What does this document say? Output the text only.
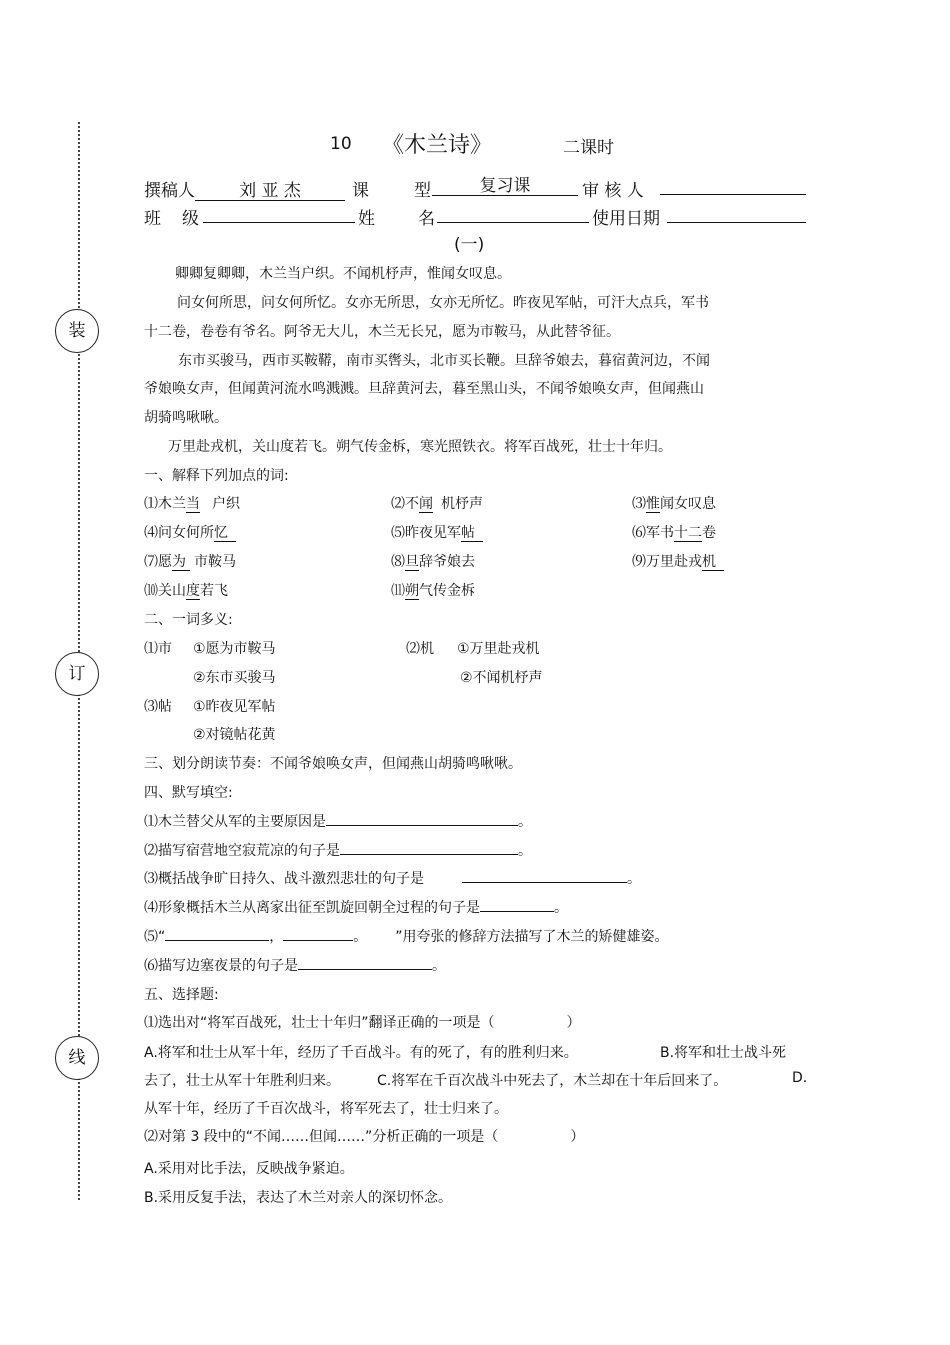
装
订
线
10 《木兰诗》	二课时
撰稿人	刘 亚 杰	课	型	复习课	审 核 人
班 级	姓	名	使用日期
(一)
卿卿复卿卿，木兰当户织。不闻机杼声，惟闻女叹息。
问女何所思，问女何所忆。女亦无所思，女亦无所忆。昨夜见军帖，可汗大点兵，军书
十二卷，卷卷有爷名。阿爷无大儿，木兰无长兄，愿为市鞍马，从此替爷征。
东市买骏马，西市买鞍鞯，南市买辔头，北市买长鞭。旦辞爷娘去，暮宿黄河边，不闻
爷娘唤女声，但闻黄河流水鸣溅溅。旦辞黄河去，暮至黑山头，不闻爷娘唤女声，但闻燕山
胡骑鸣啾啾。
万里赴戎机，关山度若飞。朔气传金柝，寒光照铁衣。将军百战死，壮士十年归。
一、解释下列加点的词:
⑴木兰当 户织	⑵不闻 机杼声	⑶惟闻女叹息
⑷问女何所忆	⑸昨夜见军帖	⑹军书十二卷
⑺愿为 市鞍马	⑻旦辞爷娘去	⑼万里赴戎机
⑽关山度若飞	⑾朔气传金柝
二、一词多义:
⑴市 ①愿为市鞍马	⑵机 ①万里赴戎机
②东市买骏马	②不闻机杼声
⑶帖 ①昨夜见军帖
②对镜帖花黄
三、划分朗读节奏：不闻爷娘唤女声，但闻燕山胡骑鸣啾啾。
四、默写填空:
⑴木兰替父从军的主要原因是	。
⑵描写宿营地空寂荒凉的句子是	。
⑶概括战争旷日持久、战斗激烈悲壮的句子是	。
⑷形象概括木兰从离家出征至凯旋回朝全过程的句子是	。
⑸“	，	。 ”用夸张的修辞方法描写了木兰的矫健雄姿。
⑹描写边塞夜景的句子是	。
五、选择题:
⑴选出对“将军百战死，壮士十年归”翻译正确的一项是（	）
A.将军和壮士从军十年，经历了千百战斗。有的死了，有的胜利归来。	B.将军和壮士战斗死
去了，壮士从军十年胜利归来。	C.将军在千百次战斗中死去了，木兰却在十年后回来了。	D.
从军十年，经历了千百次战斗，将军死去了，壮士归来了。
⑵对第 3 段中的“不闻……但闻……”分析正确的一项是（	）
A.采用对比手法，反映战争紧迫。
B.采用反复手法，表达了木兰对亲人的深切怀念。
